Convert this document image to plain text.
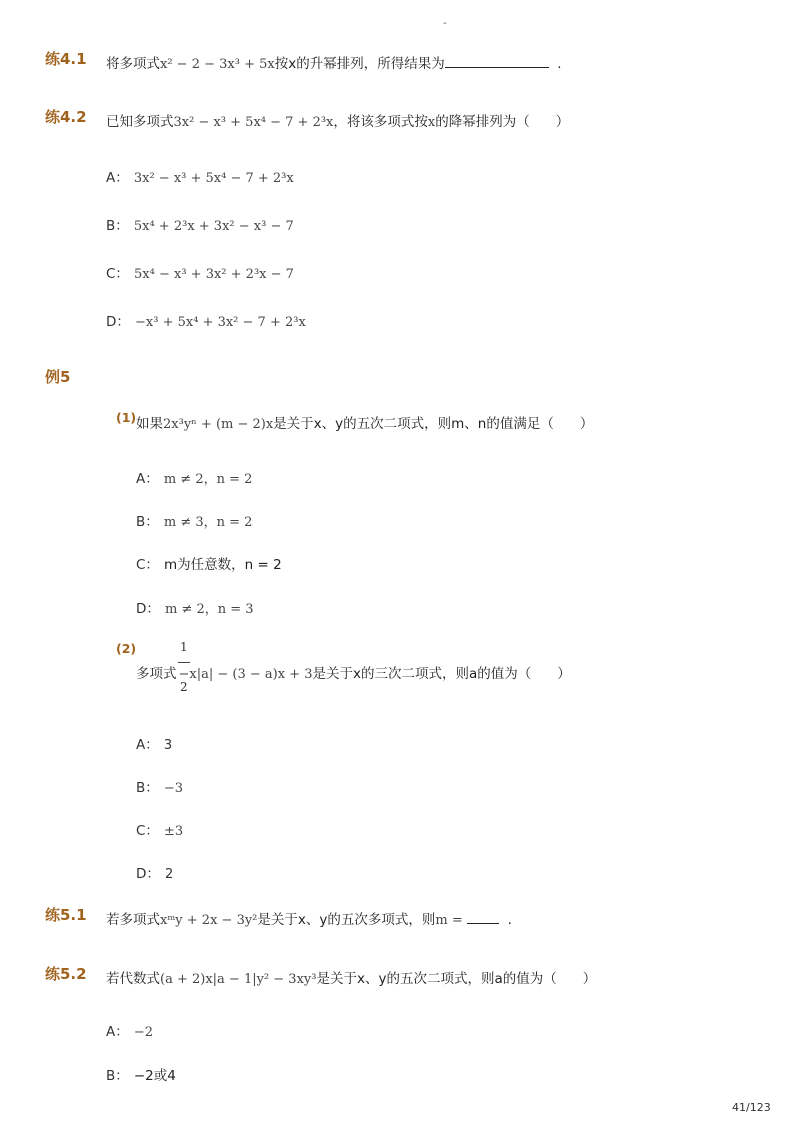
-
练4.1 将多项式x² − 2 − 3x³ + 5x按x的升幂排列，所得结果为	.
练4.2 已知多项式3x² − x³ + 5x⁴ − 7 + 2³x，将该多项式按x的降幂排列为（ ）
A： 3x² − x³ + 5x⁴ − 7 + 2³x
B： 5x⁴ + 2³x + 3x² − x³ − 7
C： 5x⁴ − x³ + 3x² + 2³x − 7
D： −x³ + 5x⁴ + 3x² − 7 + 2³x
例5
(1) 如果2x³yⁿ + (m − 2)x是关于x、y的五次二项式，则m、n的值满足（ ）
A： m ≠ 2，n = 2
B： m ≠ 3，n = 2
C： m为任意数，n = 2
D： m ≠ 2，n = 3
(2)	1
2
多项式 −x|a| − (3 − a)x + 3是关于x的三次二项式，则a的值为（ ）
A： 3
B： −3
C： ±3
D： 2
练5.1 若多项式xᵐy + 2x − 3y²是关于x、y的五次多项式，则m =	.
练5.2 若代数式(a + 2)x|a − 1|y² − 3xy³是关于x、y的五次二项式，则a的值为（ ）
A： −2
B： −2或4
41/123
